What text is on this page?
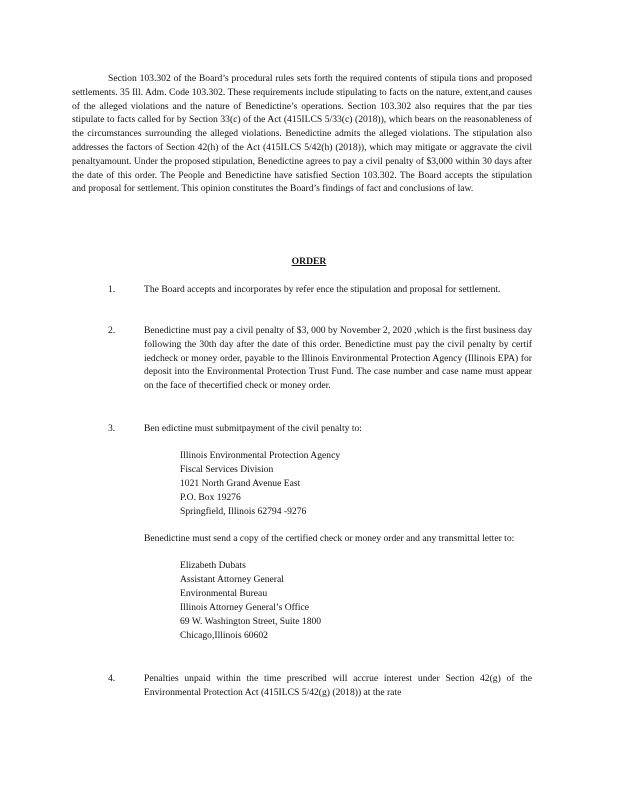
Section 103.302 of the Board’s procedural rules sets forth the required contents of stipula tions and proposed settlements. 35 Ill. Adm. Code 103.302. These requirements include stipulating to facts on the nature, extent,and causes of the alleged violations and the nature of Benedictine’s operations. Section 103.302 also requires that the par ties stipulate to facts called for by Section 33(c) of the Act (415ILCS 5/33(c) (2018)), which bears on the reasonableness of the circumstances surrounding the alleged violations. Benedictine admits the alleged violations. The stipulation also addresses the factors of Section 42(h) of the Act (415ILCS 5/42(h) (2018)), which may mitigate or aggravate the civil penaltyamount. Under the proposed stipulation, Benedictine agrees to pay a civil penalty of $3,000 within 30 days after the date of this order. The People and Benedictine have satisfied Section 103.302. The Board accepts the stipulation and proposal for settlement. This opinion constitutes the Board’s findings of fact and conclusions of law.

ORDER

1.	The Board accepts and incorporates by refer ence the stipulation and proposal for settlement.

2.	Benedictine must pay a civil penalty of $3, 000 by November 2, 2020 ,which is the first business day following the 30th day after the date of this order. Benedictine must pay the civil penalty by certif iedcheck or money order, payable to the Illinois Environmental Protection Agency (Illinois EPA) for deposit into the Environmental Protection Trust Fund. The case number and case name must appear on the face of thecertified check or money order.

3.	Ben edictine must submitpayment of the civil penalty to:

Illinois Environmental Protection Agency
Fiscal Services Division
1021 North Grand Avenue East
P.O. Box 19276
Springfield, Illinois 62794 -9276

Benedictine must send a copy of the certified check or money order and any transmittal letter to:

Elizabeth Dubats
Assistant Attorney General
Environmental Bureau
Illinois Attorney General’s Office
69 W. Washington Street, Suite 1800
Chicago,Illinois 60602
4.	Penalties unpaid within the time prescribed will accrue interest under Section 42(g) of the Environmental Protection Act (415ILCS 5/42(g) (2018)) at the rate
